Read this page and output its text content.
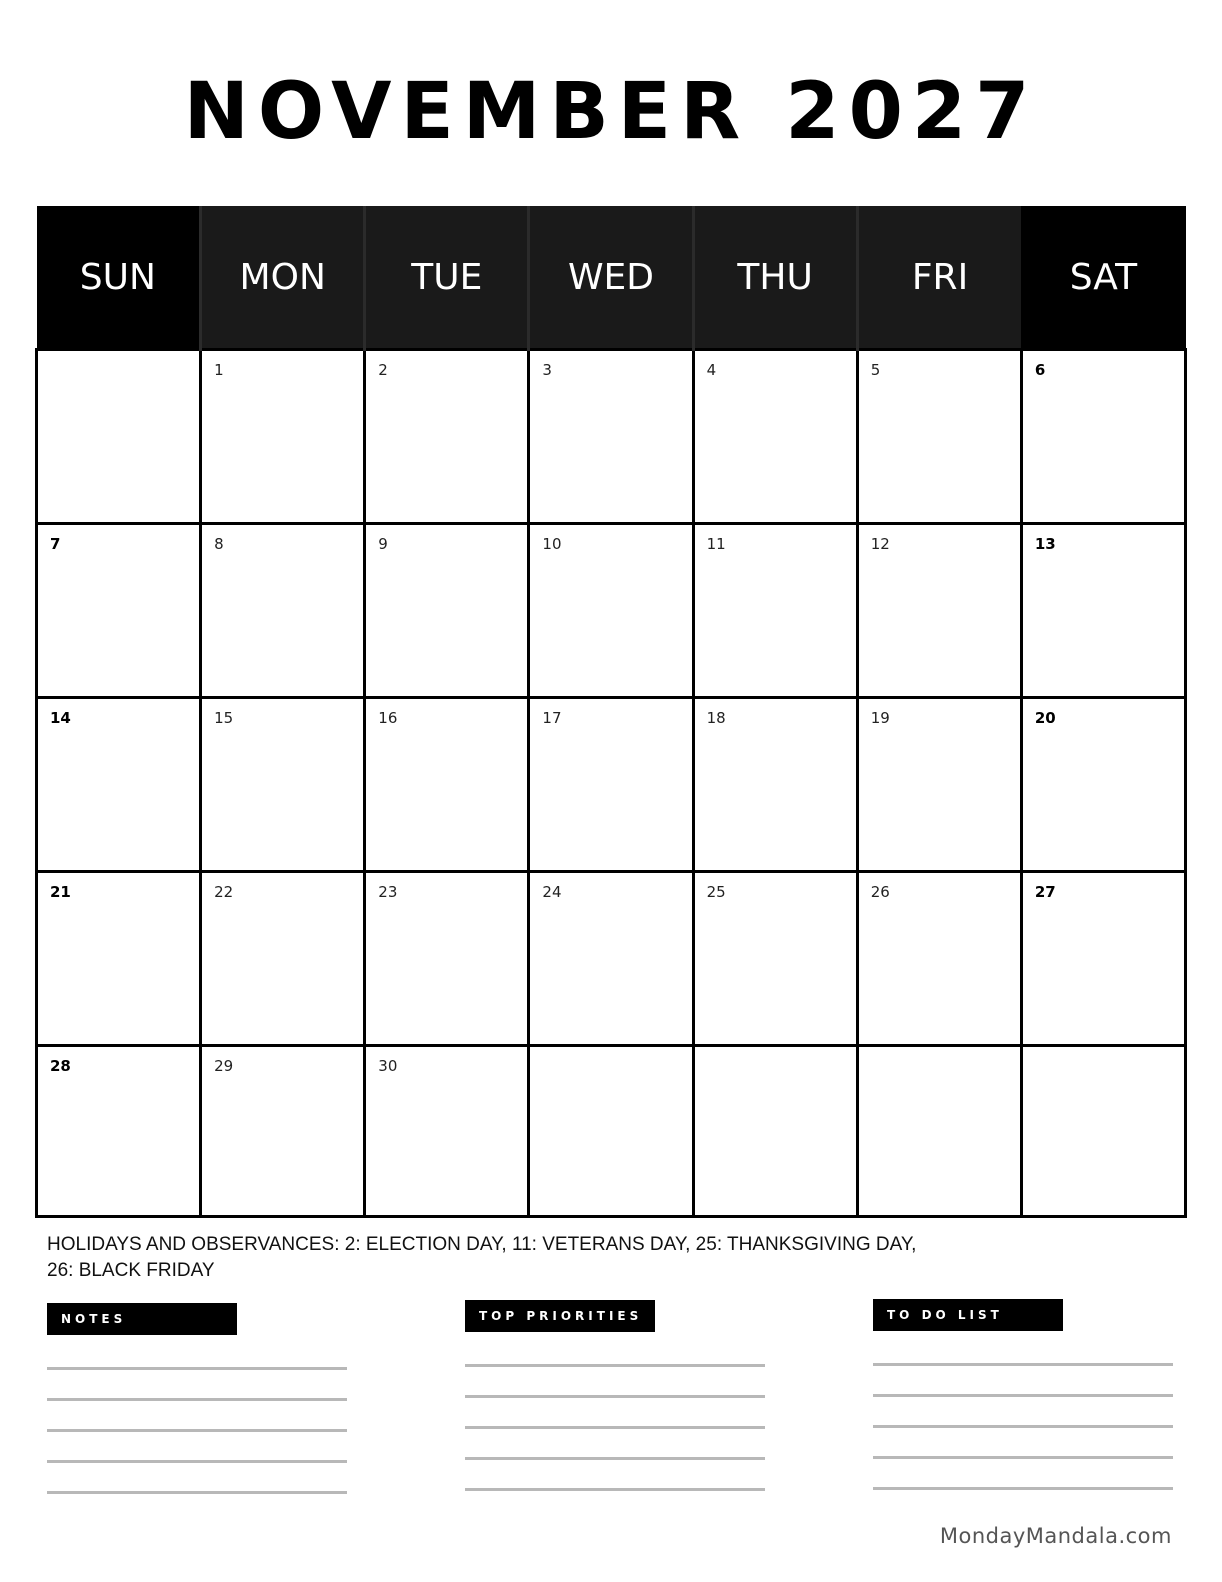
NOVEMBER 2027
SUN	MON	TUE	WED	THU	FRI	SAT

	1	2	3	4	5	6

7	8	9	10	11	12	13

14	15	16	17	18	19	20

21	22	23	24	25	26	27

28	29	30				

HOLIDAYS AND OBSERVANCES: 2: ELECTION DAY, 11: VETERANS DAY, 25: THANKSGIVING DAY,
26: BLACK FRIDAY
NOTES	TOP PRIORITIES	TO DO LIST
MondayMandala.com
